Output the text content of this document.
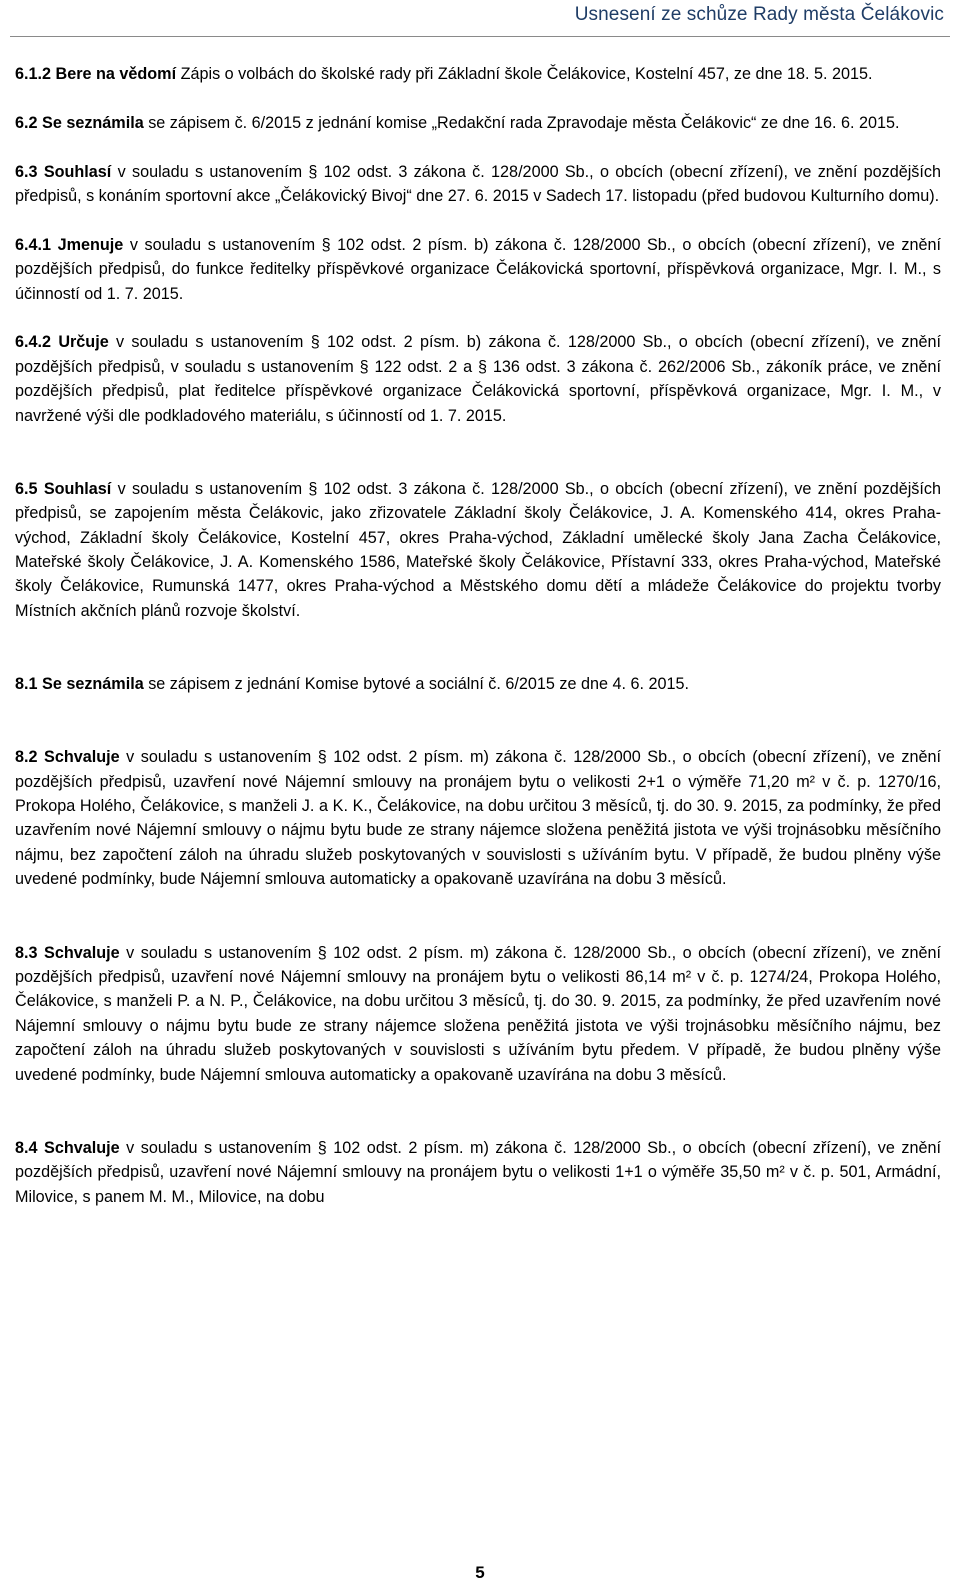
Usnesení ze schůze Rady města Čelákovic

6.1.2 Bere na vědomí Zápis o volbách do školské rady při Základní škole Čelákovice, Kostelní 457, ze dne 18. 5. 2015.

6.2 Se seznámila se zápisem č. 6/2015 z jednání komise „Redakční rada Zpravodaje města Čelákovic“ ze dne 16. 6. 2015.

6.3 Souhlasí v souladu s ustanovením § 102 odst. 3 zákona č. 128/2000 Sb., o obcích (obecní zřízení), ve znění pozdějších předpisů, s konáním sportovní akce „Čelákovický Bivoj“ dne 27. 6. 2015 v Sadech 17. listopadu (před budovou Kulturního domu).

6.4.1 Jmenuje v souladu s ustanovením § 102 odst. 2 písm. b) zákona č. 128/2000 Sb., o obcích (obecní zřízení), ve znění pozdějších předpisů, do funkce ředitelky příspěvkové organizace Čelákovická sportovní, příspěvková organizace, Mgr. I. M., s účinností od 1. 7. 2015.

6.4.2 Určuje v souladu s ustanovením § 102 odst. 2 písm. b) zákona č. 128/2000 Sb., o obcích (obecní zřízení), ve znění pozdějších předpisů, v souladu s ustanovením § 122 odst. 2 a § 136 odst. 3 zákona č. 262/2006 Sb., zákoník práce, ve znění pozdějších předpisů, plat ředitelce příspěvkové organizace Čelákovická sportovní, příspěvková organizace, Mgr. I. M., v navržené výši dle podkladového materiálu, s účinností od 1. 7. 2015.

6.5 Souhlasí v souladu s ustanovením § 102 odst. 3 zákona č. 128/2000 Sb., o obcích (obecní zřízení), ve znění pozdějších předpisů, se zapojením města Čelákovic, jako zřizovatele Základní školy Čelákovice, J. A. Komenského 414, okres Praha-východ, Základní školy Čelákovice, Kostelní 457, okres Praha-východ, Základní umělecké školy Jana Zacha Čelákovice, Mateřské školy Čelákovice, J. A. Komenského 1586, Mateřské školy Čelákovice, Přístavní 333, okres Praha-východ, Mateřské školy Čelákovice, Rumunská 1477, okres Praha-východ a Městského domu dětí a mládeže Čelákovice do projektu tvorby Místních akčních plánů rozvoje školství.

8.1 Se seznámila se zápisem z jednání Komise bytové a sociální č. 6/2015 ze dne 4. 6. 2015.

8.2 Schvaluje v souladu s ustanovením § 102 odst. 2 písm. m) zákona č. 128/2000 Sb., o obcích (obecní zřízení), ve znění pozdějších předpisů, uzavření nové Nájemní smlouvy na pronájem bytu o velikosti 2+1 o výměře 71,20 m² v č. p. 1270/16, Prokopa Holého, Čelákovice, s manželi J. a K. K., Čelákovice, na dobu určitou 3 měsíců, tj. do 30. 9. 2015, za podmínky, že před uzavřením nové Nájemní smlouvy o nájmu bytu bude ze strany nájemce složena peněžitá jistota ve výši trojnásobku měsíčního nájmu, bez započtení záloh na úhradu služeb poskytovaných v souvislosti s užíváním bytu. V případě, že budou plněny výše uvedené podmínky, bude Nájemní smlouva automaticky a opakovaně uzavírána na dobu 3 měsíců.

8.3 Schvaluje v souladu s ustanovením § 102 odst. 2 písm. m) zákona č. 128/2000 Sb., o obcích (obecní zřízení), ve znění pozdějších předpisů, uzavření nové Nájemní smlouvy na pronájem bytu o velikosti 86,14 m² v č. p. 1274/24, Prokopa Holého, Čelákovice, s manželi P. a N. P., Čelákovice, na dobu určitou 3 měsíců, tj. do 30. 9. 2015, za podmínky, že před uzavřením nové Nájemní smlouvy o nájmu bytu bude ze strany nájemce složena peněžitá jistota ve výši trojnásobku měsíčního nájmu, bez započtení záloh na úhradu služeb poskytovaných v souvislosti s užíváním bytu předem. V případě, že budou plněny výše uvedené podmínky, bude Nájemní smlouva automaticky a opakovaně uzavírána na dobu 3 měsíců.

8.4 Schvaluje v souladu s ustanovením § 102 odst. 2 písm. m) zákona č. 128/2000 Sb., o obcích (obecní zřízení), ve znění pozdějších předpisů, uzavření nové Nájemní smlouvy na pronájem bytu o velikosti 1+1 o výměře 35,50 m² v č. p. 501, Armádní, Milovice, s panem M. M., Milovice, na dobu

5
